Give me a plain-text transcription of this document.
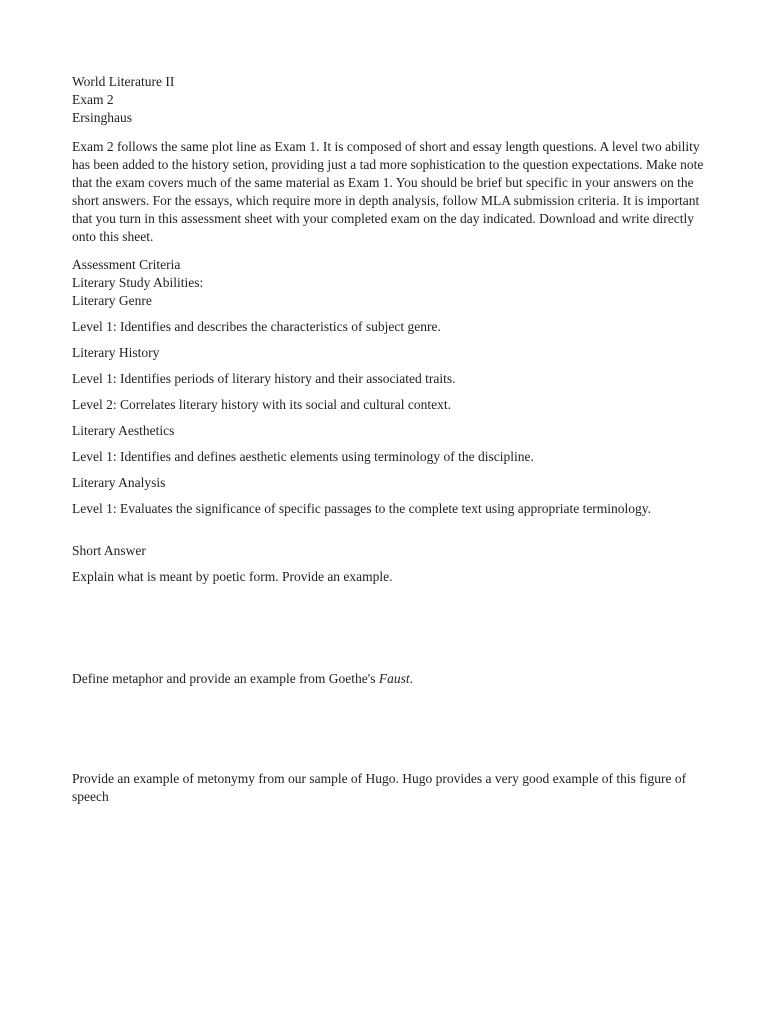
World Literature II
Exam 2
Ersinghaus

Exam 2 follows the same plot line as Exam 1. It is composed of short and essay length questions. A level two ability has been added to the history setion, providing just a tad more sophistication to the question expectations. Make note that the exam covers much of the same material as Exam 1. You should be brief but specific in your answers on the short answers. For the essays, which require more in depth analysis, follow MLA submission criteria. It is important that you turn in this assessment sheet with your completed exam on the day indicated. Download and write directly onto this sheet.

Assessment Criteria
Literary Study Abilities:

Literary Genre

Level 1: Identifies and describes the characteristics of subject genre.

Literary History

Level 1: Identifies periods of literary history and their associated traits.

Level 2: Correlates literary history with its social and cultural context.

Literary Aesthetics

Level 1: Identifies and defines aesthetic elements using terminology of the discipline.

Literary Analysis

Level 1: Evaluates the significance of specific passages to the complete text using appropriate terminology.

Short Answer

Explain what is meant by poetic form. Provide an example.

Define metaphor and provide an example from Goethe's Faust.

Provide an example of metonymy from our sample of Hugo. Hugo provides a very good example of this figure of speech
